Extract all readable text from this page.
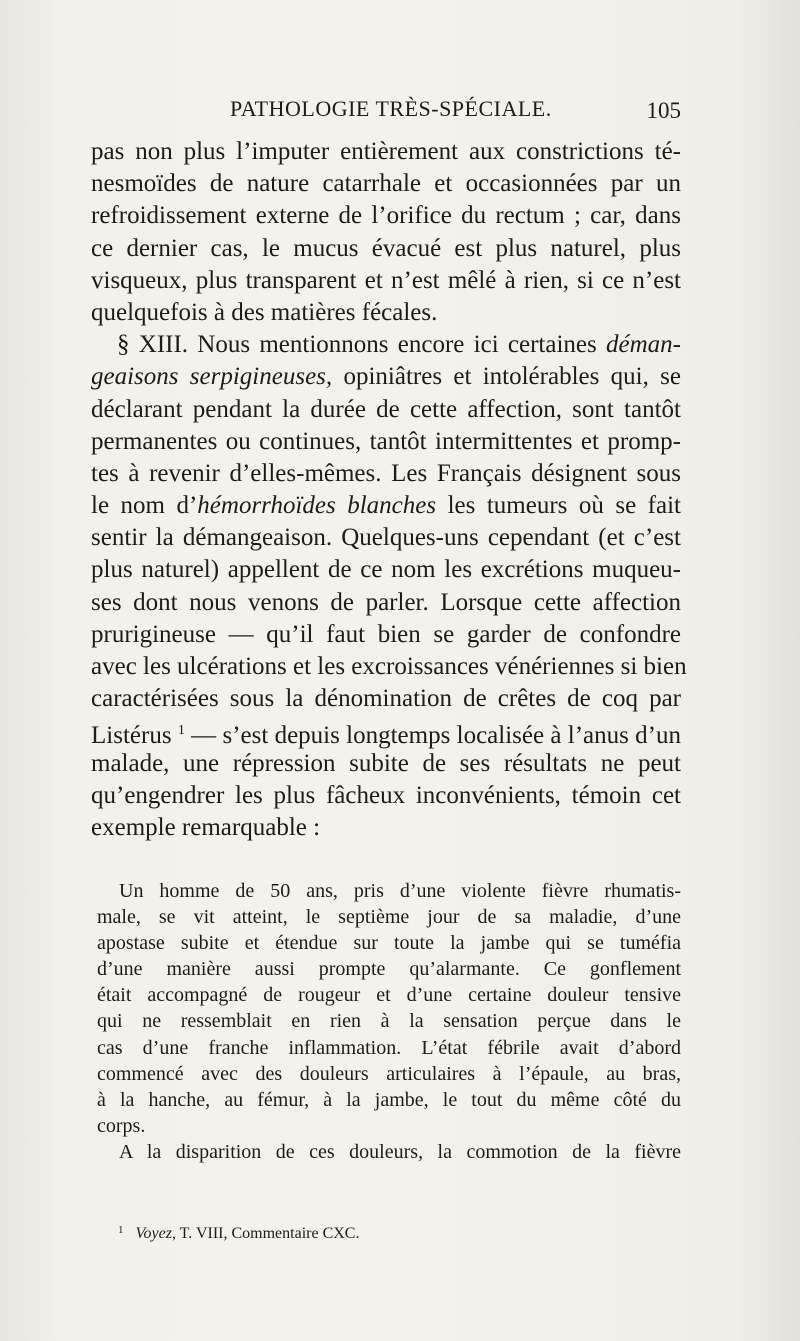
PATHOLOGIE TRÈS-SPÉCIALE.	105
pas non plus l’imputer entièrement aux constrictions té-
nesmoïdes de nature catarrhale et occasionnées par un
refroidissement externe de l’orifice du rectum ; car, dans
ce dernier cas, le mucus évacué est plus naturel, plus
visqueux, plus transparent et n’est mêlé à rien, si ce n’est
quelquefois à des matières fécales.
§ XIII. Nous mentionnons encore ici certaines déman-
geaisons serpigineuses, opiniâtres et intolérables qui, se
déclarant pendant la durée de cette affection, sont tantôt
permanentes ou continues, tantôt intermittentes et promp-
tes à revenir d’elles-mêmes. Les Français désignent sous
le nom d’hémorrhoïdes blanches les tumeurs où se fait
sentir la démangeaison. Quelques-uns cependant (et c’est
plus naturel) appellent de ce nom les excrétions muqueu-
ses dont nous venons de parler. Lorsque cette affection
prurigineuse — qu’il faut bien se garder de confondre
avec les ulcérations et les excroissances vénériennes si bien
caractérisées sous la dénomination de crêtes de coq par
Listérus $^1$ — s’est depuis longtemps localisée à l’anus d’un
malade, une répression subite de ses résultats ne peut
qu’engendrer les plus fâcheux inconvénients, témoin cet
exemple remarquable :
Un homme de 50 ans, pris d’une violente fièvre rhumatis-
male, se vit atteint, le septième jour de sa maladie, d’une
apostase subite et étendue sur toute la jambe qui se tuméfia
d’une manière aussi prompte qu’alarmante. Ce gonflement
était accompagné de rougeur et d’une certaine douleur tensive
qui ne ressemblait en rien à la sensation perçue dans le
cas d’une franche inflammation. L’état fébrile avait d’abord
commencé avec des douleurs articulaires à l’épaule, au bras,
à la hanche, au fémur, à la jambe, le tout du même côté du
corps.
A la disparition de ces douleurs, la commotion de la fièvre
$^1$ Voyez, T. VIII, Commentaire CXC.
